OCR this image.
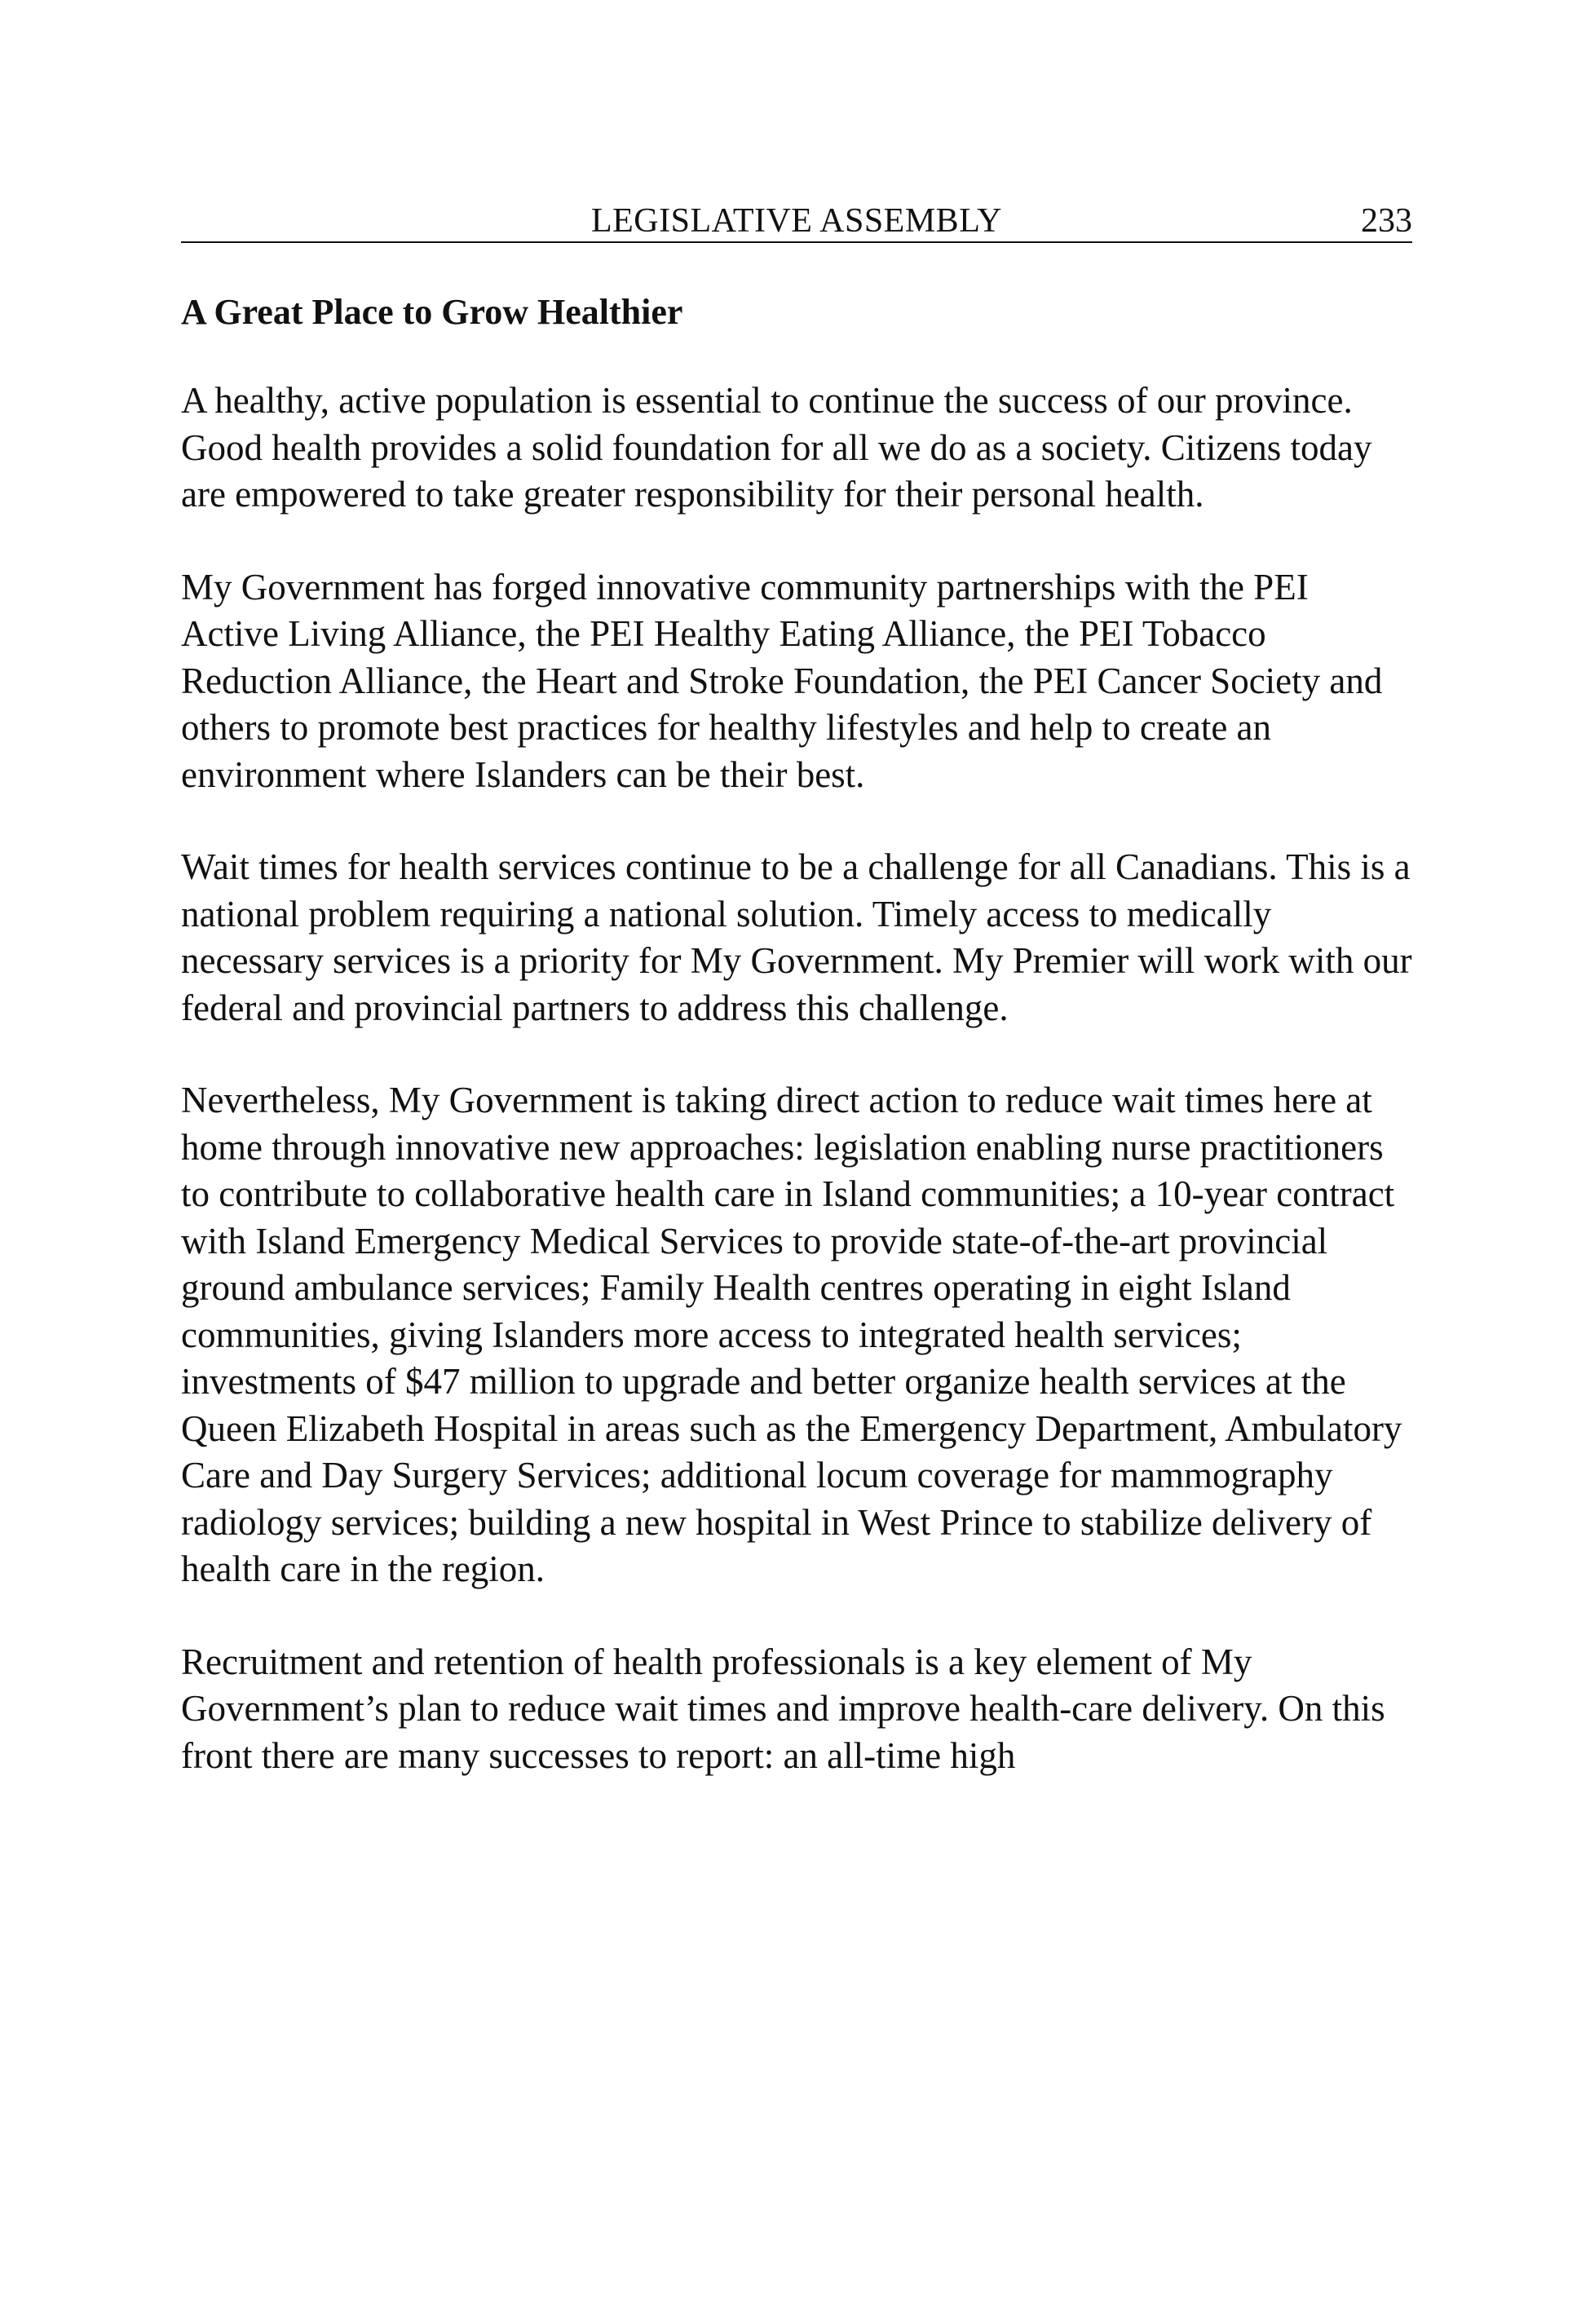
LEGISLATIVE ASSEMBLY	233
A Great Place to Grow Healthier

A healthy, active population is essential to continue the success of our province. Good health provides a solid foundation for all we do as a society. Citizens today are empowered to take greater responsibility for their personal health.

My Government has forged innovative community partnerships with the PEI Active Living Alliance, the PEI Healthy Eating Alliance, the PEI Tobacco Reduction Alliance, the Heart and Stroke Foundation, the PEI Cancer Society and others to promote best practices for healthy lifestyles and help to create an environment where Islanders can be their best.

Wait times for health services continue to be a challenge for all Canadians. This is a national problem requiring a national solution. Timely access to medically necessary services is a priority for My Government. My Premier will work with our federal and provincial partners to address this challenge.

Nevertheless, My Government is taking direct action to reduce wait times here at home through innovative new approaches: legislation enabling nurse practitioners to contribute to collaborative health care in Island communities; a 10-year contract with Island Emergency Medical Services to provide state-of-the-art provincial ground ambulance services; Family Health centres operating in eight Island communities, giving Islanders more access to integrated health services; investments of $47 million to upgrade and better organize health services at the Queen Elizabeth Hospital in areas such as the Emergency Department, Ambulatory Care and Day Surgery Services; additional locum coverage for mammography radiology services; building a new hospital in West Prince to stabilize delivery of health care in the region.

Recruitment and retention of health professionals is a key element of My Government’s plan to reduce wait times and improve health-care delivery. On this front there are many successes to report: an all-time high
